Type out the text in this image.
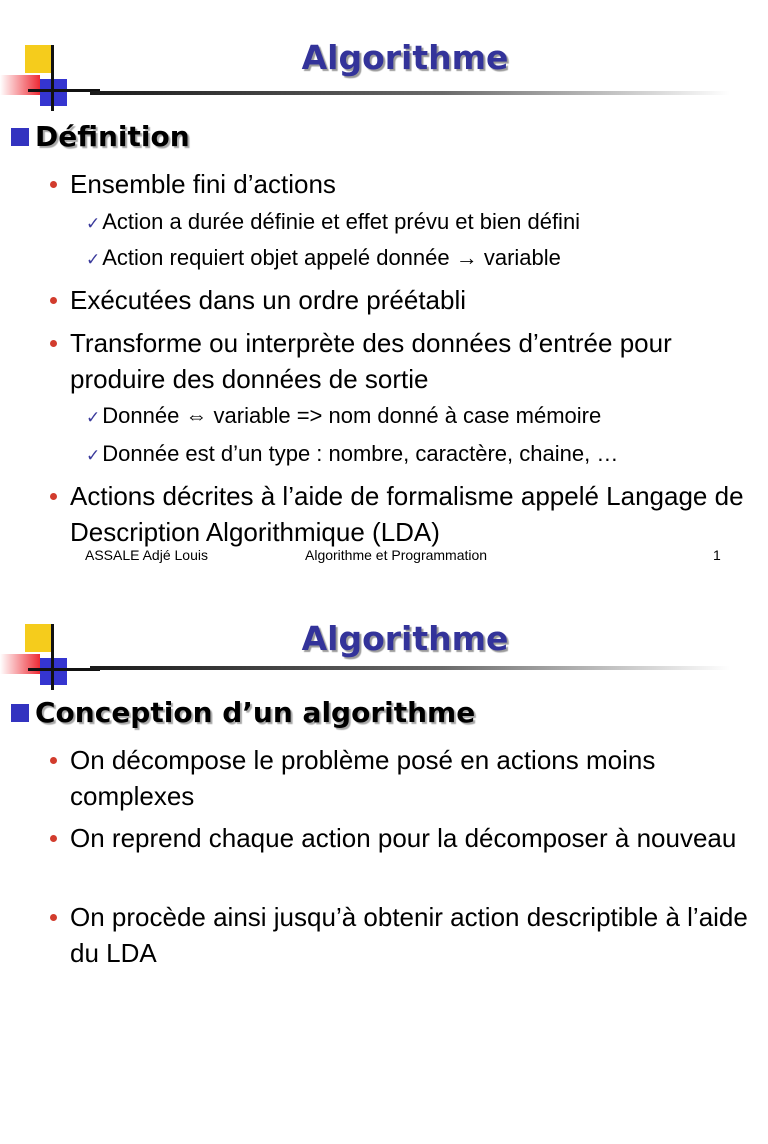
Algorithme
Définition
Ensemble fini d’actions
✓Action a durée définie et effet prévu et bien défini
✓Action requiert objet appelé donnée → variable
Exécutées dans un ordre préétabli
Transforme ou interprète des données d’entrée pour produire des données de sortie
✓Donnée ⇔ variable => nom donné à case mémoire
✓Donnée est d’un type : nombre, caractère, chaine, …
Actions décrites à l’aide de formalisme appelé Langage de Description Algorithmique (LDA)
ASSALE Adjé Louis	Algorithme et Programmation	1
Algorithme
Conception d’un algorithme
On décompose le problème posé en actions moins complexes
On reprend chaque action pour la décomposer à nouveau
On procède ainsi jusqu’à obtenir action descriptible à l’aide du LDA
